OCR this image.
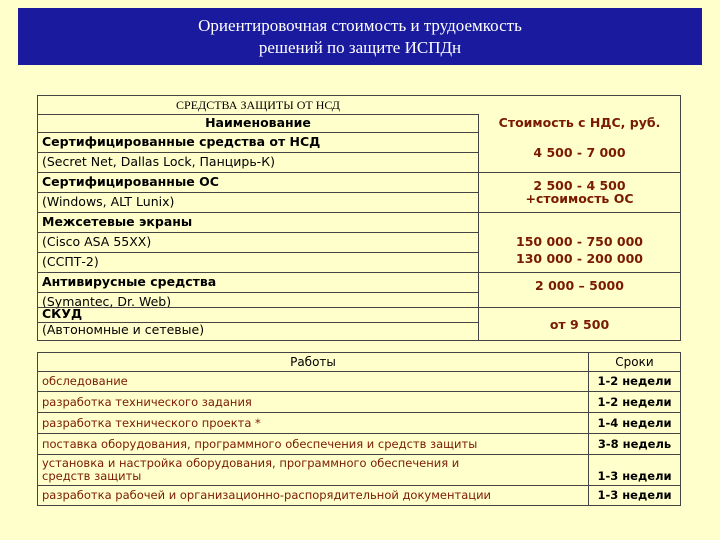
Ориентировочная стоимость и трудоемкость
решений по защите ИСПДн
СРЕДСТВА ЗАЩИТЫ ОТ НСД
Наименование	Стоимость с НДС, руб.
Сертифицированные средства от НСД
(Secret Net, Dallas Lock, Панцирь-К)
4 500 - 7 000
Сертифицированные ОС
(Windows, ALT Lunix)
2 500 - 4 500
+стоимость ОС
Межсетевые экраны
(Cisco ASA 55XX)	150 000 - 750 000
(ССПТ-2)	130 000 - 200 000
Антивирусные средства
(Symantec, Dr. Web)
2 000 – 5000
СКУД
(Автономные и сетевые)	от 9 500
Работы	Сроки
обследование	1-2 недели
разработка технического задания	1-2 недели
разработка технического проекта *	1-4 недели
поставка оборудования, программного обеспечения и средств защиты	3-8 недель
установка и настройка оборудования, программного обеспечения и
средств защиты	1-3 недели
разработка рабочей и организационно-распорядительной документации	1-3 недели
